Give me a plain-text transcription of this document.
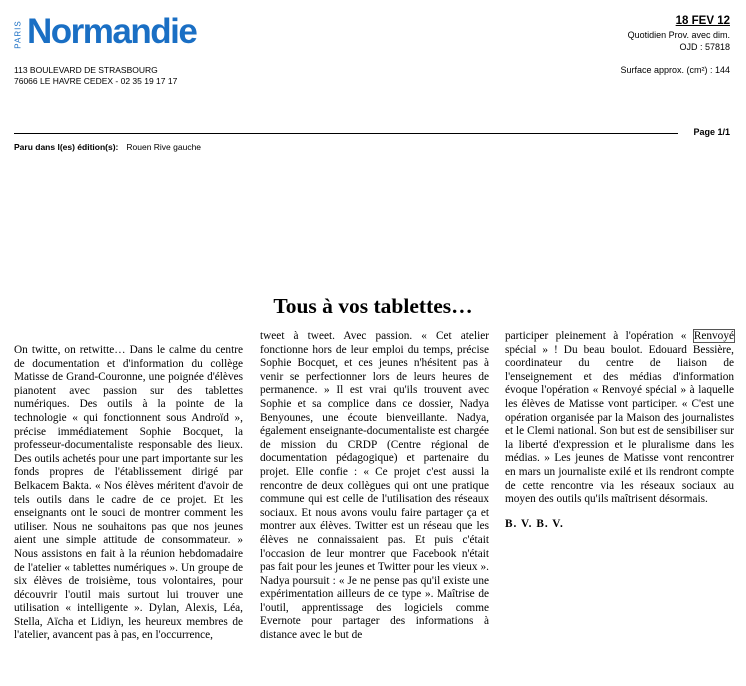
PARIS Normandie
113 BOULEVARD DE STRASBOURG
76066 LE HAVRE CEDEX - 02 35 19 17 17
18 FEV 12
Quotidien Prov. avec dim.
OJD : 57818
Surface approx. (cm²) : 144
Page 1/1
Paru dans l(es) édition(s): Rouen Rive gauche
Tous à vos tablettes…

On twitte, on retwitte… Dans le calme du centre de documentation et d'information du collège Matisse de Grand-Couronne, une poignée d'élèves pianotent avec passion sur des tablettes numériques. Des outils à la pointe de la technologie « qui fonctionnent sous Androïd », précise immédiatement Sophie Bocquet, la professeur-documentaliste responsable des lieux. Des outils achetés pour une part importante sur les fonds propres de l'établissement dirigé par Belkacem Bakta. « Nos élèves méritent d'avoir de tels outils dans le cadre de ce projet. Et les enseignants ont le souci de montrer comment les utiliser. Nous ne souhaitons pas que nos jeunes aient une simple attitude de consommateur. » Nous assistons en fait à la réunion hebdomadaire de l'atelier « tablettes numériques ». Un groupe de six élèves de troisième, tous volontaires, pour découvrir l'outil mais surtout lui trouver une utilisation « intelligente ». Dylan, Alexis, Léa, Stella, Aïcha et Lidiyn, les heureux membres de l'atelier, avancent pas à pas, en l'occurrence,

tweet à tweet. Avec passion. « Cet atelier fonctionne hors de leur emploi du temps, précise Sophie Bocquet, et ces jeunes n'hésitent pas à venir se perfectionner lors de leurs heures de permanence. » Il est vrai qu'ils trouvent avec Sophie et sa complice dans ce dossier, Nadya Benyounes, une écoute bienveillante. Nadya, également enseignante-documentaliste est chargée de mission du CRDP (Centre régional de documentation pédagogique) et partenaire du projet. Elle confie : « Ce projet c'est aussi la rencontre de deux collègues qui ont une pratique commune qui est celle de l'utilisation des réseaux sociaux. Et nous avons voulu faire partager ça et montrer aux élèves. Twitter est un réseau que les élèves ne connaissaient pas. Et puis c'était l'occasion de leur montrer que Facebook n'était pas fait pour les jeunes et Twitter pour les vieux ». Nadya poursuit : « Je ne pense pas qu'il existe une expérimentation ailleurs de ce type ». Maîtrise de l'outil, apprentissage des logiciels comme Evernote pour partager des informations à distance avec le but de

participer pleinement à l'opération « Renvoyé spécial » ! Du beau boulot. Edouard Bessière, coordinateur du centre de liaison de l'enseignement et des médias d'information évoque l'opération « Renvoyé spécial » à laquelle les élèves de Matisse vont participer. « C'est une opération organisée par la Maison des journalistes et le Clemi national. Son but est de sensibiliser sur la liberté d'expression et le pluralisme dans les médias. » Les jeunes de Matisse vont rencontrer en mars un journaliste exilé et ils rendront compte de cette rencontre via les réseaux sociaux au moyen des outils qu'ils maîtrisent désormais.

B. V. B. V.
